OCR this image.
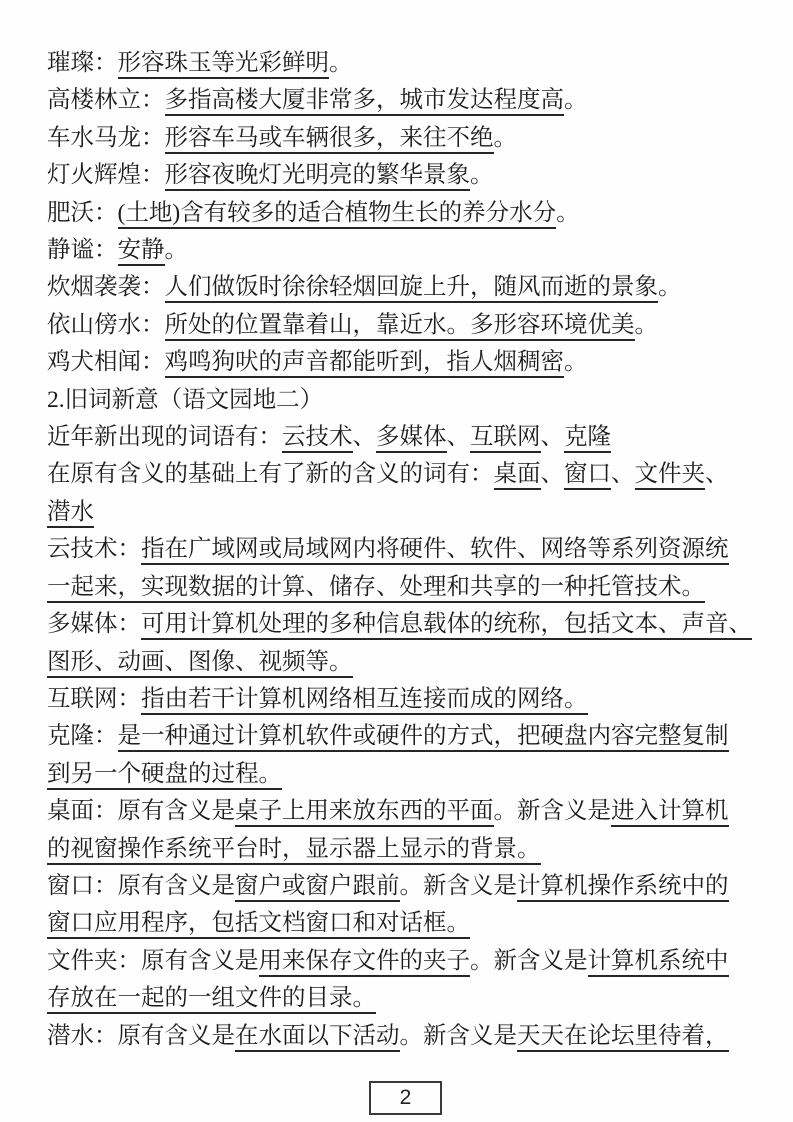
璀璨：形容珠玉等光彩鲜明。
高楼林立：多指高楼大厦非常多，城市发达程度高。
车水马龙：形容车马或车辆很多，来往不绝。
灯火辉煌：形容夜晚灯光明亮的繁华景象。
肥沃：(土地)含有较多的适合植物生长的养分水分。
静谧：安静。
炊烟袭袭：人们做饭时徐徐轻烟回旋上升，随风而逝的景象。
依山傍水：所处的位置靠着山，靠近水。多形容环境优美。
鸡犬相闻：鸡鸣狗吠的声音都能听到，指人烟稠密。
2.旧词新意（语文园地二）
近年新出现的词语有：云技术、多媒体、互联网、克隆
在原有含义的基础上有了新的含义的词有：桌面、窗口、文件夹、
潜水
云技术：指在广域网或局域网内将硬件、软件、网络等系列资源统
一起来，实现数据的计算、储存、处理和共享的一种托管技术。
多媒体：可用计算机处理的多种信息载体的统称，包括文本、声音、
图形、动画、图像、视频等。
互联网：指由若干计算机网络相互连接而成的网络。
克隆：是一种通过计算机软件或硬件的方式，把硬盘内容完整复制
到另一个硬盘的过程。
桌面：原有含义是桌子上用来放东西的平面。新含义是进入计算机
的视窗操作系统平台时，显示器上显示的背景。
窗口：原有含义是窗户或窗户跟前。新含义是计算机操作系统中的
窗口应用程序，包括文档窗口和对话框。
文件夹：原有含义是用来保存文件的夹子。新含义是计算机系统中
存放在一起的一组文件的目录。
潜水：原有含义是在水面以下活动。新含义是天天在论坛里待着，
2
